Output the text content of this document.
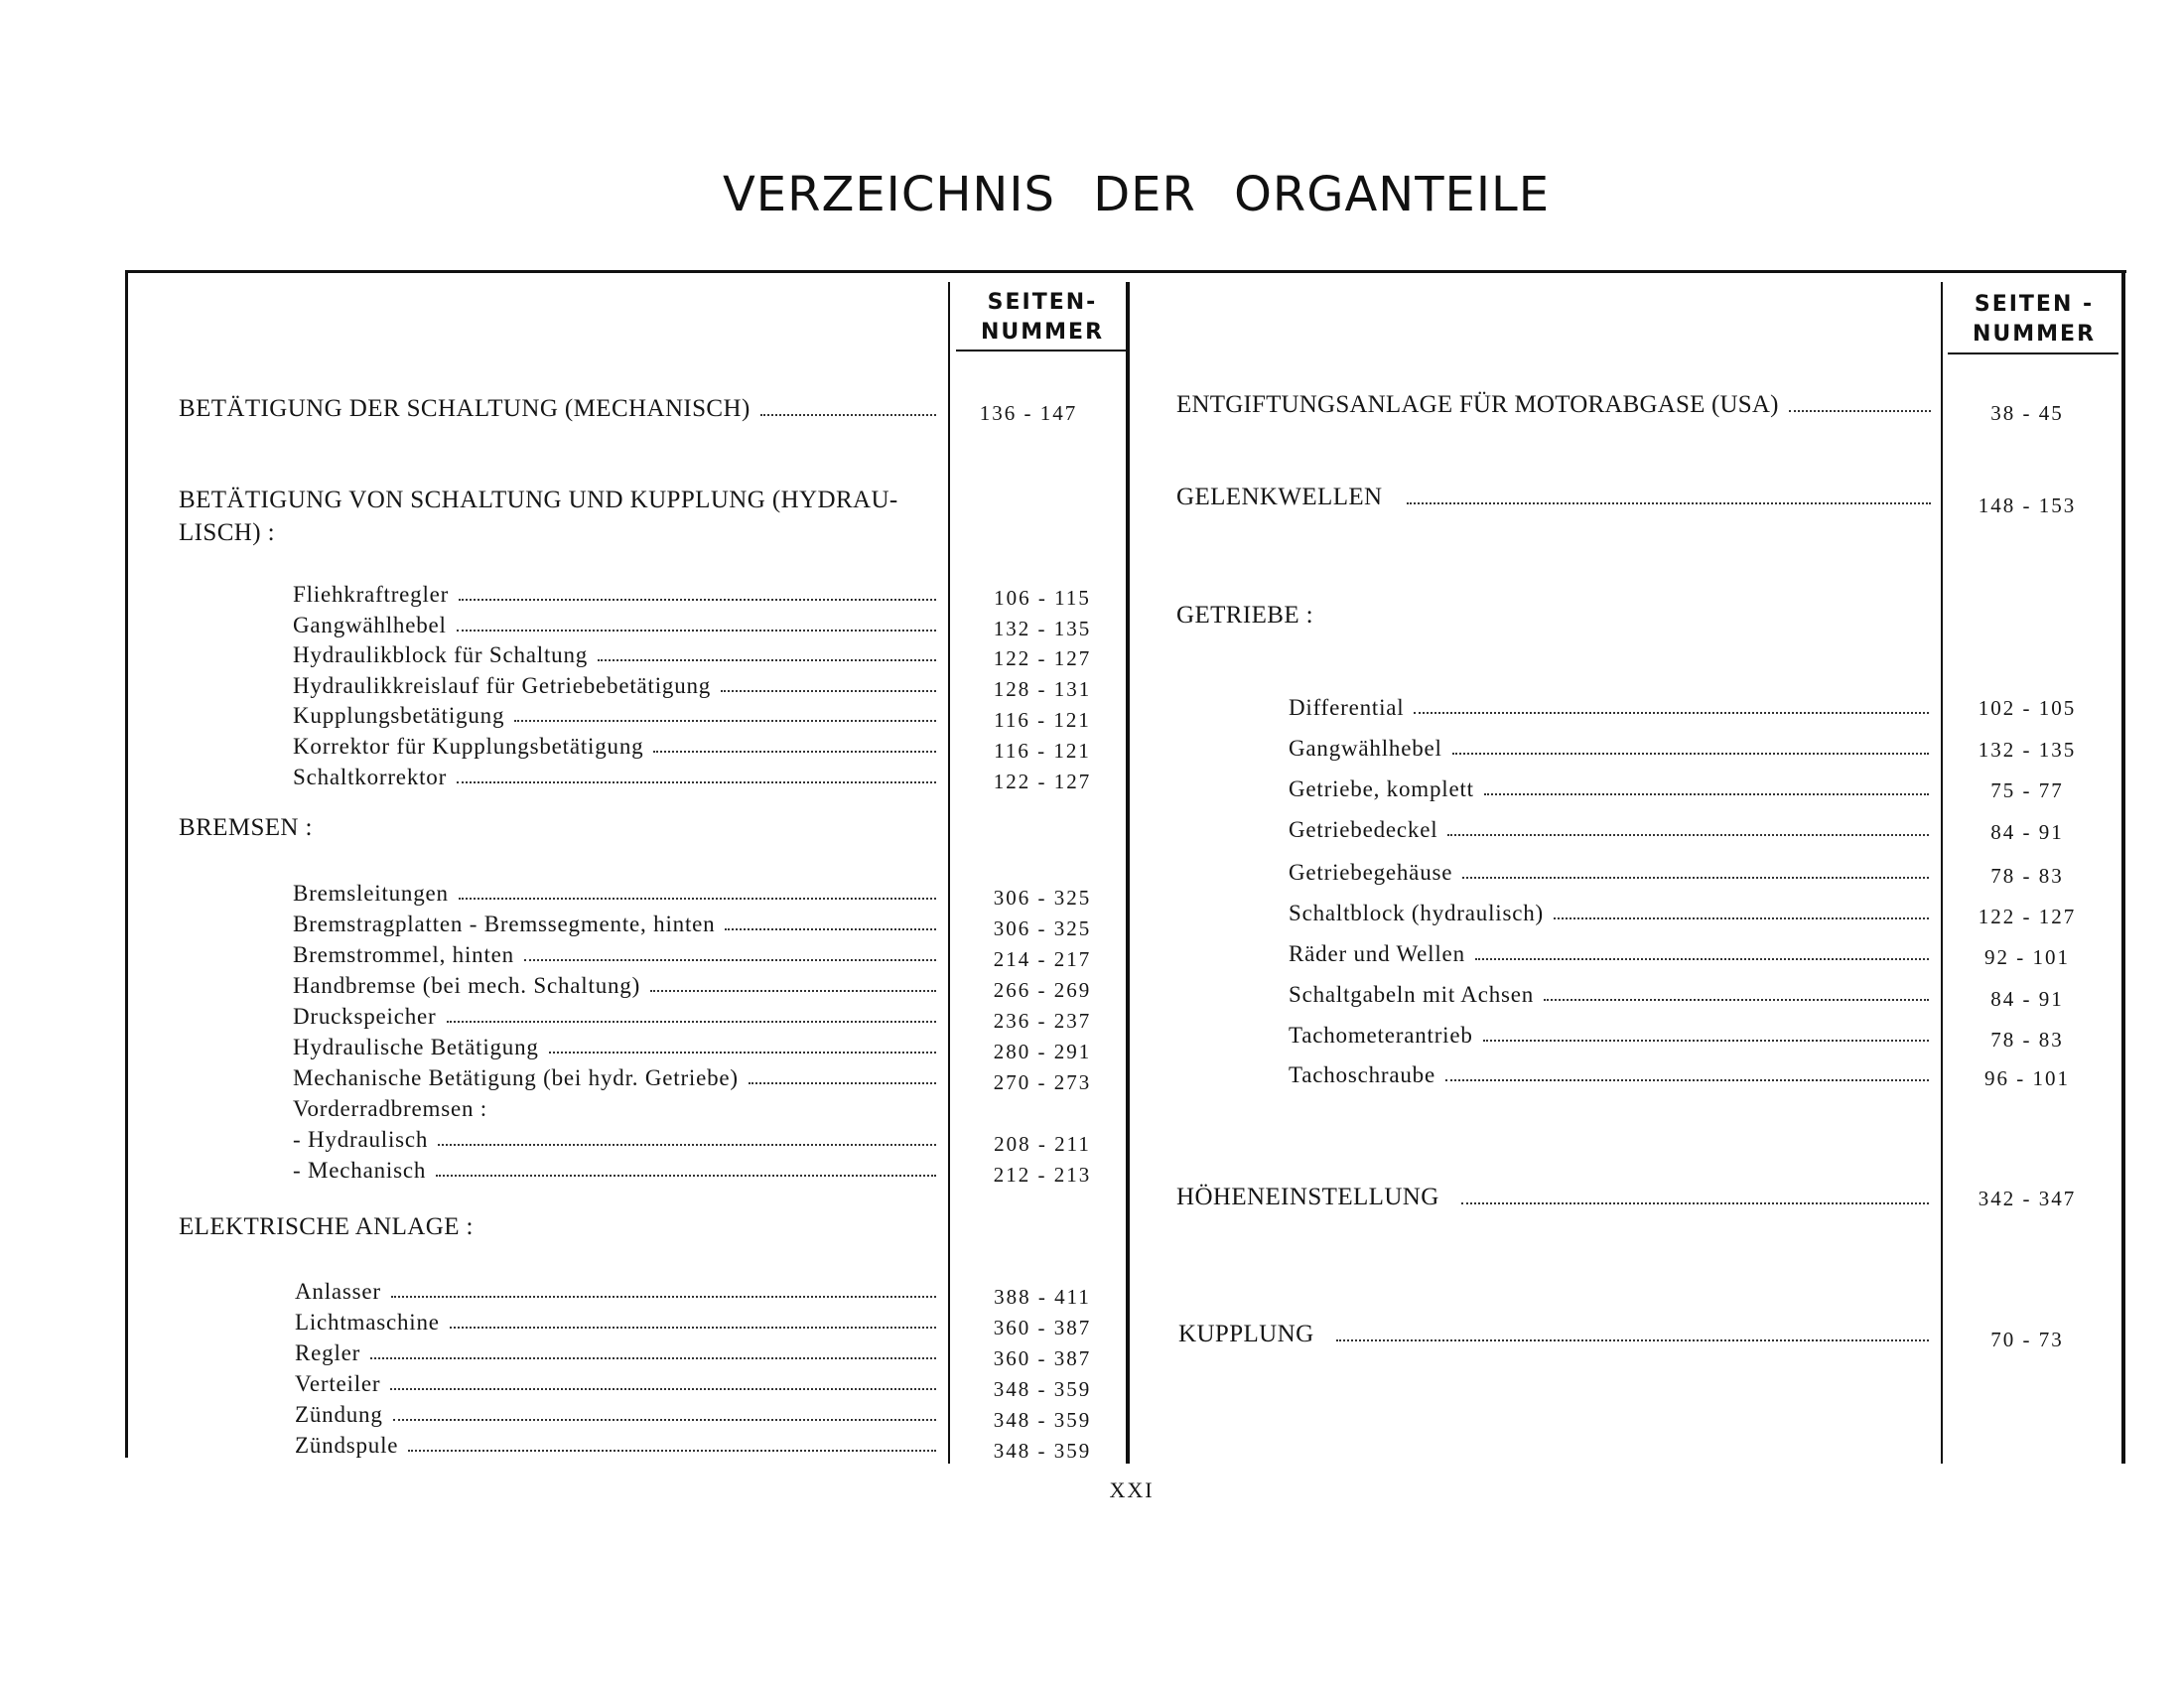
VERZEICHNIS DER ORGANTEILE
SEITEN-
NUMMER
SEITEN -
NUMMER
BETÄTIGUNG DER SCHALTUNG (MECHANISCH)	136 - 147
BETÄTIGUNG VON SCHALTUNG UND KUPPLUNG (HYDRAU-LISCH) :
Fliehkraftregler	106 - 115
Gangwählhebel	132 - 135
Hydraulikblock für Schaltung	122 - 127
Hydraulikkreislauf für Getriebebetätigung	128 - 131
Kupplungsbetätigung	116 - 121
Korrektor für Kupplungsbetätigung	116 - 121
Schaltkorrektor	122 - 127
BREMSEN :
Bremsleitungen	306 - 325
Bremstragplatten - Bremssegmente, hinten	306 - 325
Bremstrommel, hinten	214 - 217
Handbremse (bei mech. Schaltung)	266 - 269
Druckspeicher	236 - 237
Hydraulische Betätigung	280 - 291
Mechanische Betätigung (bei hydr. Getriebe)	270 - 273
Vorderradbremsen :
- Hydraulisch	208 - 211
- Mechanisch	212 - 213
ELEKTRISCHE ANLAGE :
Anlasser	388 - 411
Lichtmaschine	360 - 387
Regler	360 - 387
Verteiler	348 - 359
Zündung	348 - 359
Zündspule	348 - 359
ENTGIFTUNGSANLAGE FÜR MOTORABGASE (USA)	38 - 45
GELENKWELLEN	148 - 153
GETRIEBE :
Differential	102 - 105
Gangwählhebel	132 - 135
Getriebe, komplett	75 - 77
Getriebedeckel	84 - 91
Getriebegehäuse	78 - 83
Schaltblock (hydraulisch)	122 - 127
Räder und Wellen	92 - 101
Schaltgabeln mit Achsen	84 - 91
Tachometerantrieb	78 - 83
Tachoschraube	96 - 101
HÖHENEINSTELLUNG	342 - 347
KUPPLUNG	70 - 73
XXI
